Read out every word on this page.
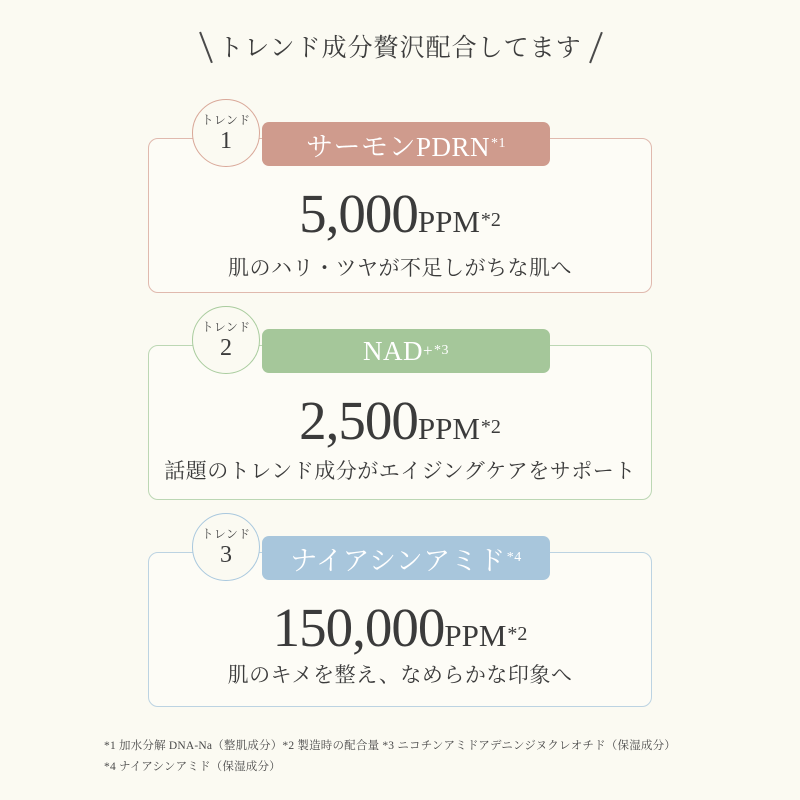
トレンド成分贅沢配合してます
サーモンPDRN *1
トレンド
1
5,000PPM*2
肌のハリ・ツヤが不足しがちな肌へ
NAD + *3
トレンド
2
2,500PPM*2
話題のトレンド成分がエイジングケアをサポート
ナイアシンアミド *4
トレンド
3
150,000PPM*2
肌のキメを整え、なめらかな印象へ
*1 加水分解 DNA-Na（整肌成分）*2 製造時の配合量 *3 ニコチンアミドアデニンジヌクレオチド（保湿成分）
*4 ナイアシンアミド（保湿成分）
